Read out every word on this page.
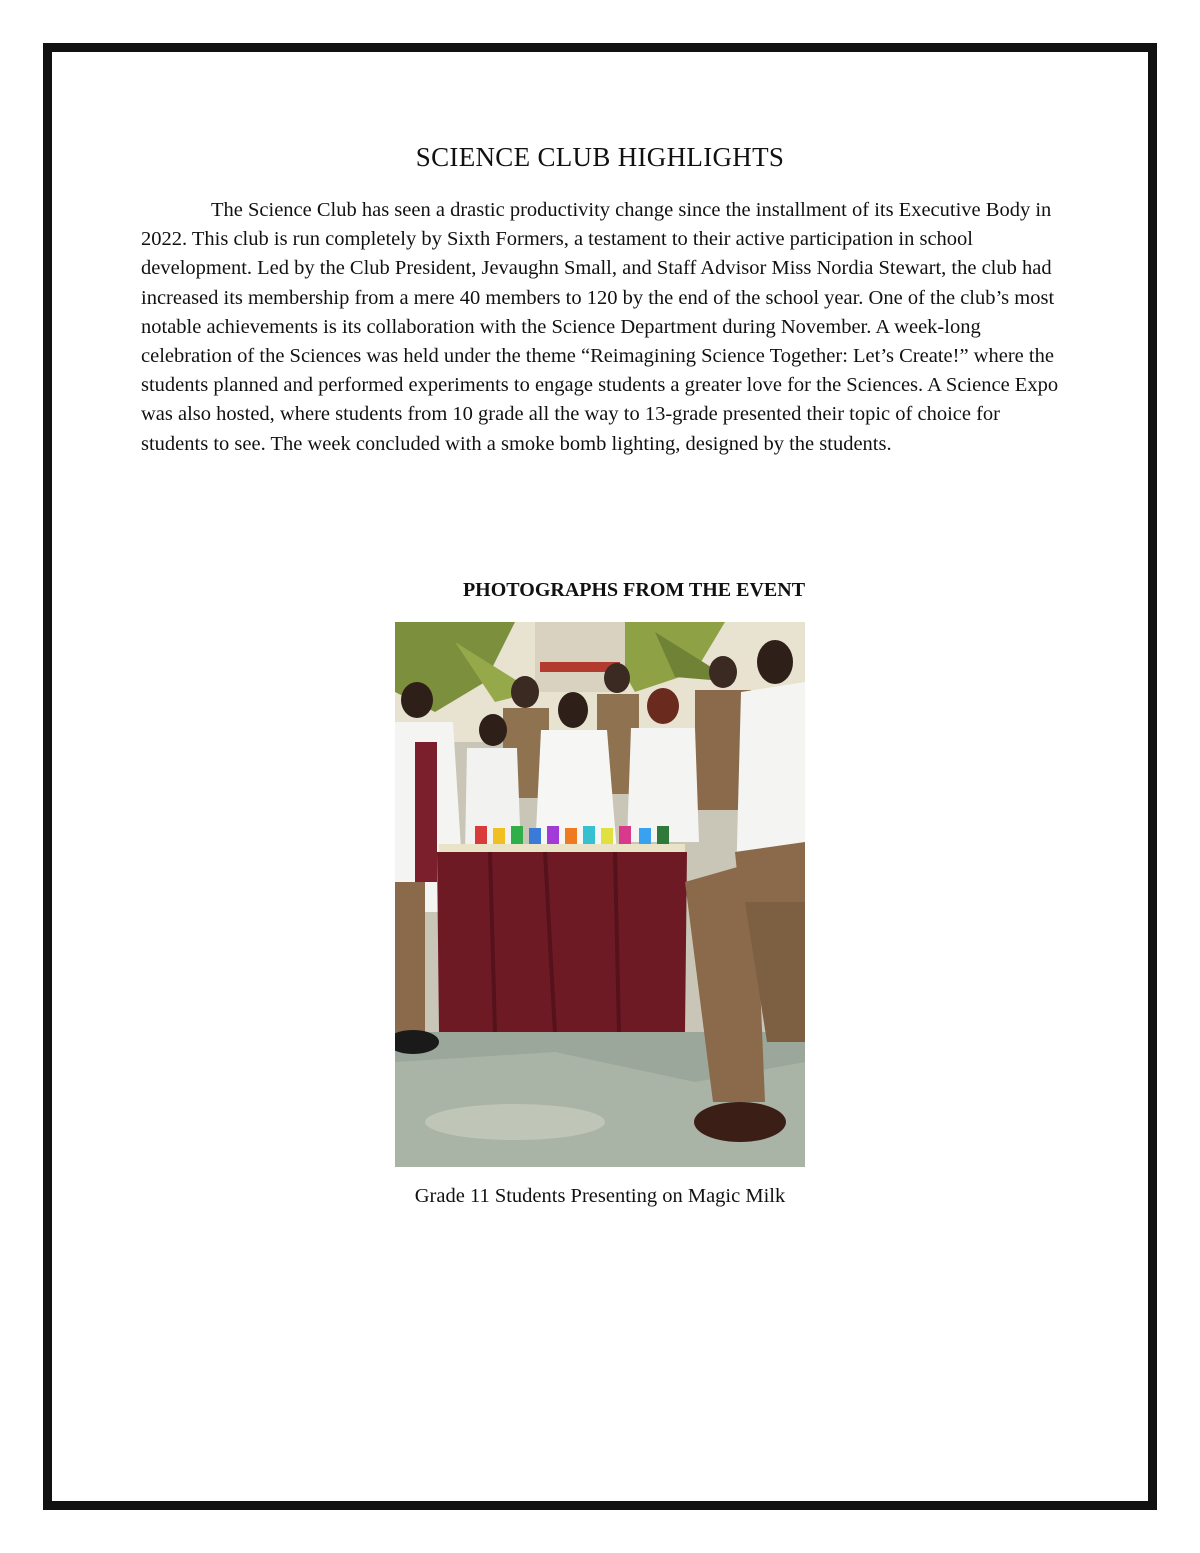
SCIENCE CLUB HIGHLIGHTS

The Science Club has seen a drastic productivity change since the installment of its Executive Body in 2022. This club is run completely by Sixth Formers, a testament to their active participation in school development. Led by the Club President, Jevaughn Small, and Staff Advisor Miss Nordia Stewart, the club had increased its membership from a mere 40 members to 120 by the end of the school year. One of the club’s most notable achievements is its collaboration with the Science Department during November. A week-long celebration of the Sciences was held under the theme “Reimagining Science Together: Let’s Create!” where the students planned and performed experiments to engage students a greater love for the Sciences. A Science Expo was also hosted, where students from 10 grade all the way to 13-grade presented their topic of choice for students to see. The week concluded with a smoke bomb lighting, designed by the students.

PHOTOGRAPHS FROM THE EVENT

Grade 11 Students Presenting on Magic Milk
